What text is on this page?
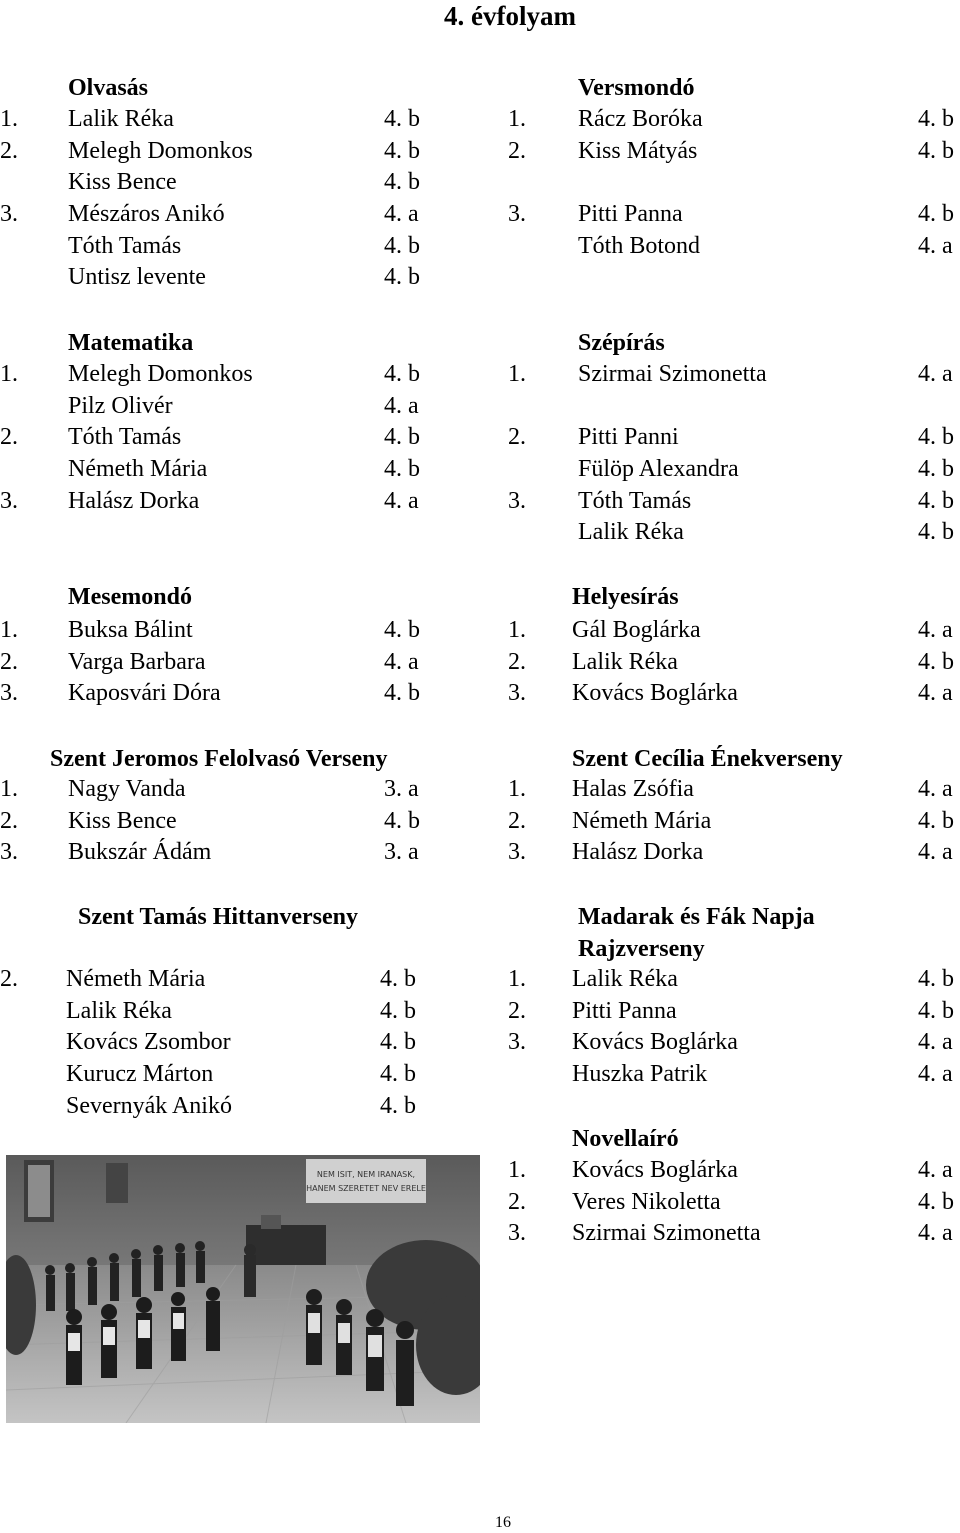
4. évfolyam
Olvasás
1. Lalik Réka	4. b
2. Melegh Domonkos	4. b
Kiss Bence	4. b
3. Mészáros Anikó	4. a
Tóth Tamás	4. b
Untisz levente	4. b
Matematika
1. Melegh Domonkos	4. b
Pilz Olivér	4. a
2. Tóth Tamás	4. b
Németh Mária	4. b
3. Halász Dorka	4. a
Mesemondó
1. Buksa Bálint	4. b
2. Varga Barbara	4. a
3. Kaposvári Dóra	4. b
Szent Jeromos Felolvasó Verseny
1. Nagy Vanda	3. a
2. Kiss Bence	4. b
3. Bukszár Ádám	3. a
Szent Tamás Hittanverseny
2. Németh Mária	4. b
Lalik Réka	4. b
Kovács Zsombor	4. b
Kurucz Márton	4. b
Severnyák Anikó	4. b
Versmondó
1. Rácz Boróka	4. b
2. Kiss Mátyás	4. b
3. Pitti Panna	4. b
Tóth Botond	4. a
Szépírás
1. Szirmai Szimonetta	4. a
2. Pitti Panni	4. b
Fülöp Alexandra	4. b
3. Tóth Tamás	4. b
Lalik Réka	4. b
Helyesírás
1. Gál Boglárka	4. a
2. Lalik Réka	4. b
3. Kovács Boglárka	4. a
Szent Cecília Énekverseny
1. Halas Zsófia	4. a
2. Németh Mária	4. b
3. Halász Dorka	4. a
Madarak és Fák Napja
Rajzverseny
1. Lalik Réka	4. b
2. Pitti Panna	4. b
3. Kovács Boglárka	4. a
Huszka Patrik	4. a
Novellaíró
1. Kovács Boglárka	4. a
2. Veres Nikoletta	4. b
3. Szirmai Szimonetta	4. a
NEM ISIT, NEM IRANASK,
HANEM SZERETET NEV ERELE
16
